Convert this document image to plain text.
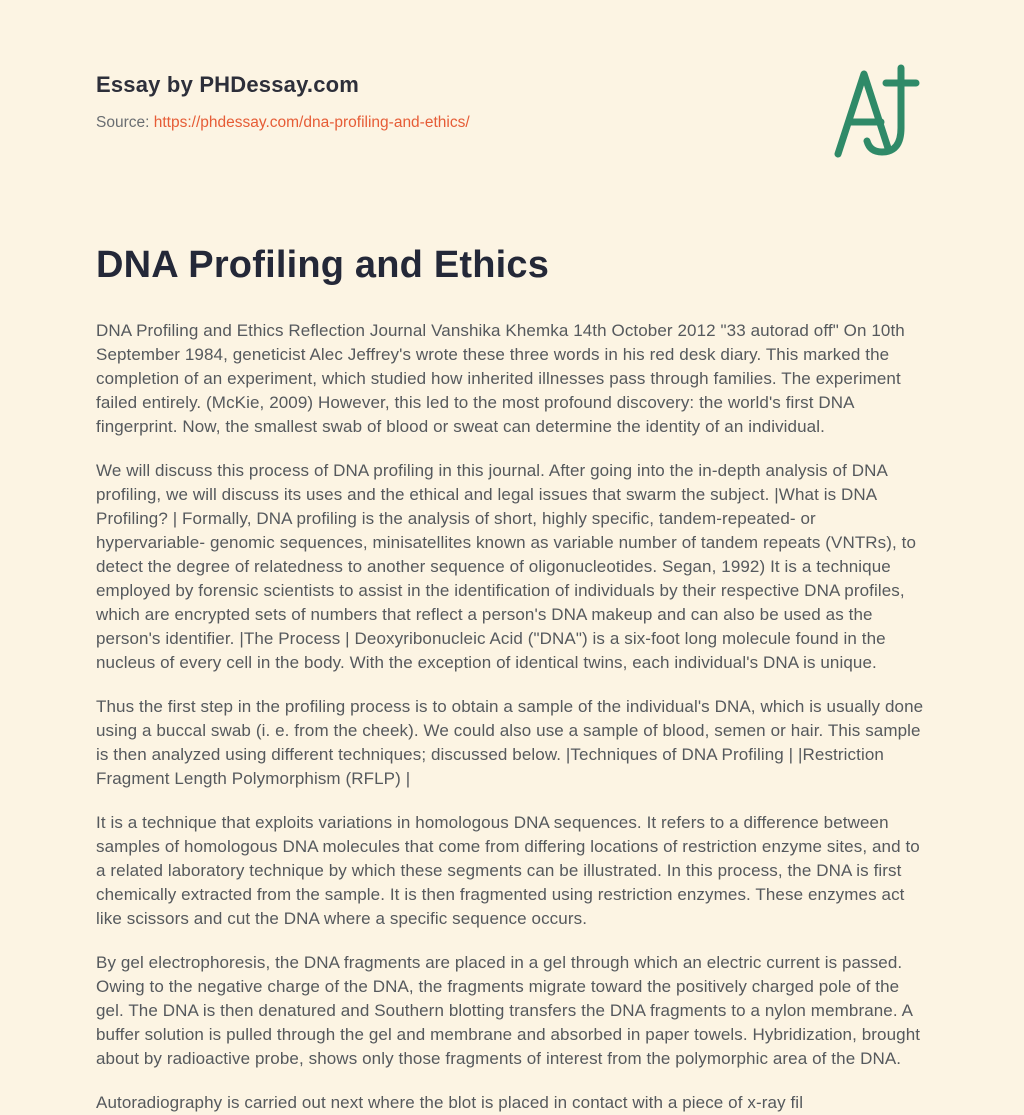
Essay by PHDessay.com
Source: https://phdessay.com/dna-profiling-and-ethics/
DNA Profiling and Ethics

DNA Profiling and Ethics Reflection Journal Vanshika Khemka 14th October 2012 "33 autorad off" On 10th September 1984, geneticist Alec Jeffrey's wrote these three words in his red desk diary. This marked the completion of an experiment, which studied how inherited illnesses pass through families. The experiment failed entirely. (McKie, 2009) However, this led to the most profound discovery: the world's first DNA fingerprint. Now, the smallest swab of blood or sweat can determine the identity of an individual.

We will discuss this process of DNA profiling in this journal. After going into the in-depth analysis of DNA profiling, we will discuss its uses and the ethical and legal issues that swarm the subject. |What is DNA Profiling? | Formally, DNA profiling is the analysis of short, highly specific, tandem-repeated- or hypervariable- genomic sequences, minisatellites known as variable number of tandem repeats (VNTRs), to detect the degree of relatedness to another sequence of oligonucleotides. Segan, 1992) It is a technique employed by forensic scientists to assist in the identification of individuals by their respective DNA profiles, which are encrypted sets of numbers that reflect a person's DNA makeup and can also be used as the person's identifier. |The Process | Deoxyribonucleic Acid ("DNA") is a six-foot long molecule found in the nucleus of every cell in the body. With the exception of identical twins, each individual's DNA is unique.

Thus the first step in the profiling process is to obtain a sample of the individual's DNA, which is usually done using a buccal swab (i. e. from the cheek). We could also use a sample of blood, semen or hair. This sample is then analyzed using different techniques; discussed below. |Techniques of DNA Profiling | |Restriction Fragment Length Polymorphism (RFLP) |

It is a technique that exploits variations in homologous DNA sequences. It refers to a difference between samples of homologous DNA molecules that come from differing locations of restriction enzyme sites, and to a related laboratory technique by which these segments can be illustrated. In this process, the DNA is first chemically extracted from the sample. It is then fragmented using restriction enzymes. These enzymes act like scissors and cut the DNA where a specific sequence occurs.

By gel electrophoresis, the DNA fragments are placed in a gel through which an electric current is passed. Owing to the negative charge of the DNA, the fragments migrate toward the positively charged pole of the gel. The DNA is then denatured and Southern blotting transfers the DNA fragments to a nylon membrane. A buffer solution is pulled through the gel and membrane and absorbed in paper towels. Hybridization, brought about by radioactive probe, shows only those fragments of interest from the polymorphic area of the DNA.

Autoradiography is carried out next where the blot is placed in contact with a piece of x-ray fil
